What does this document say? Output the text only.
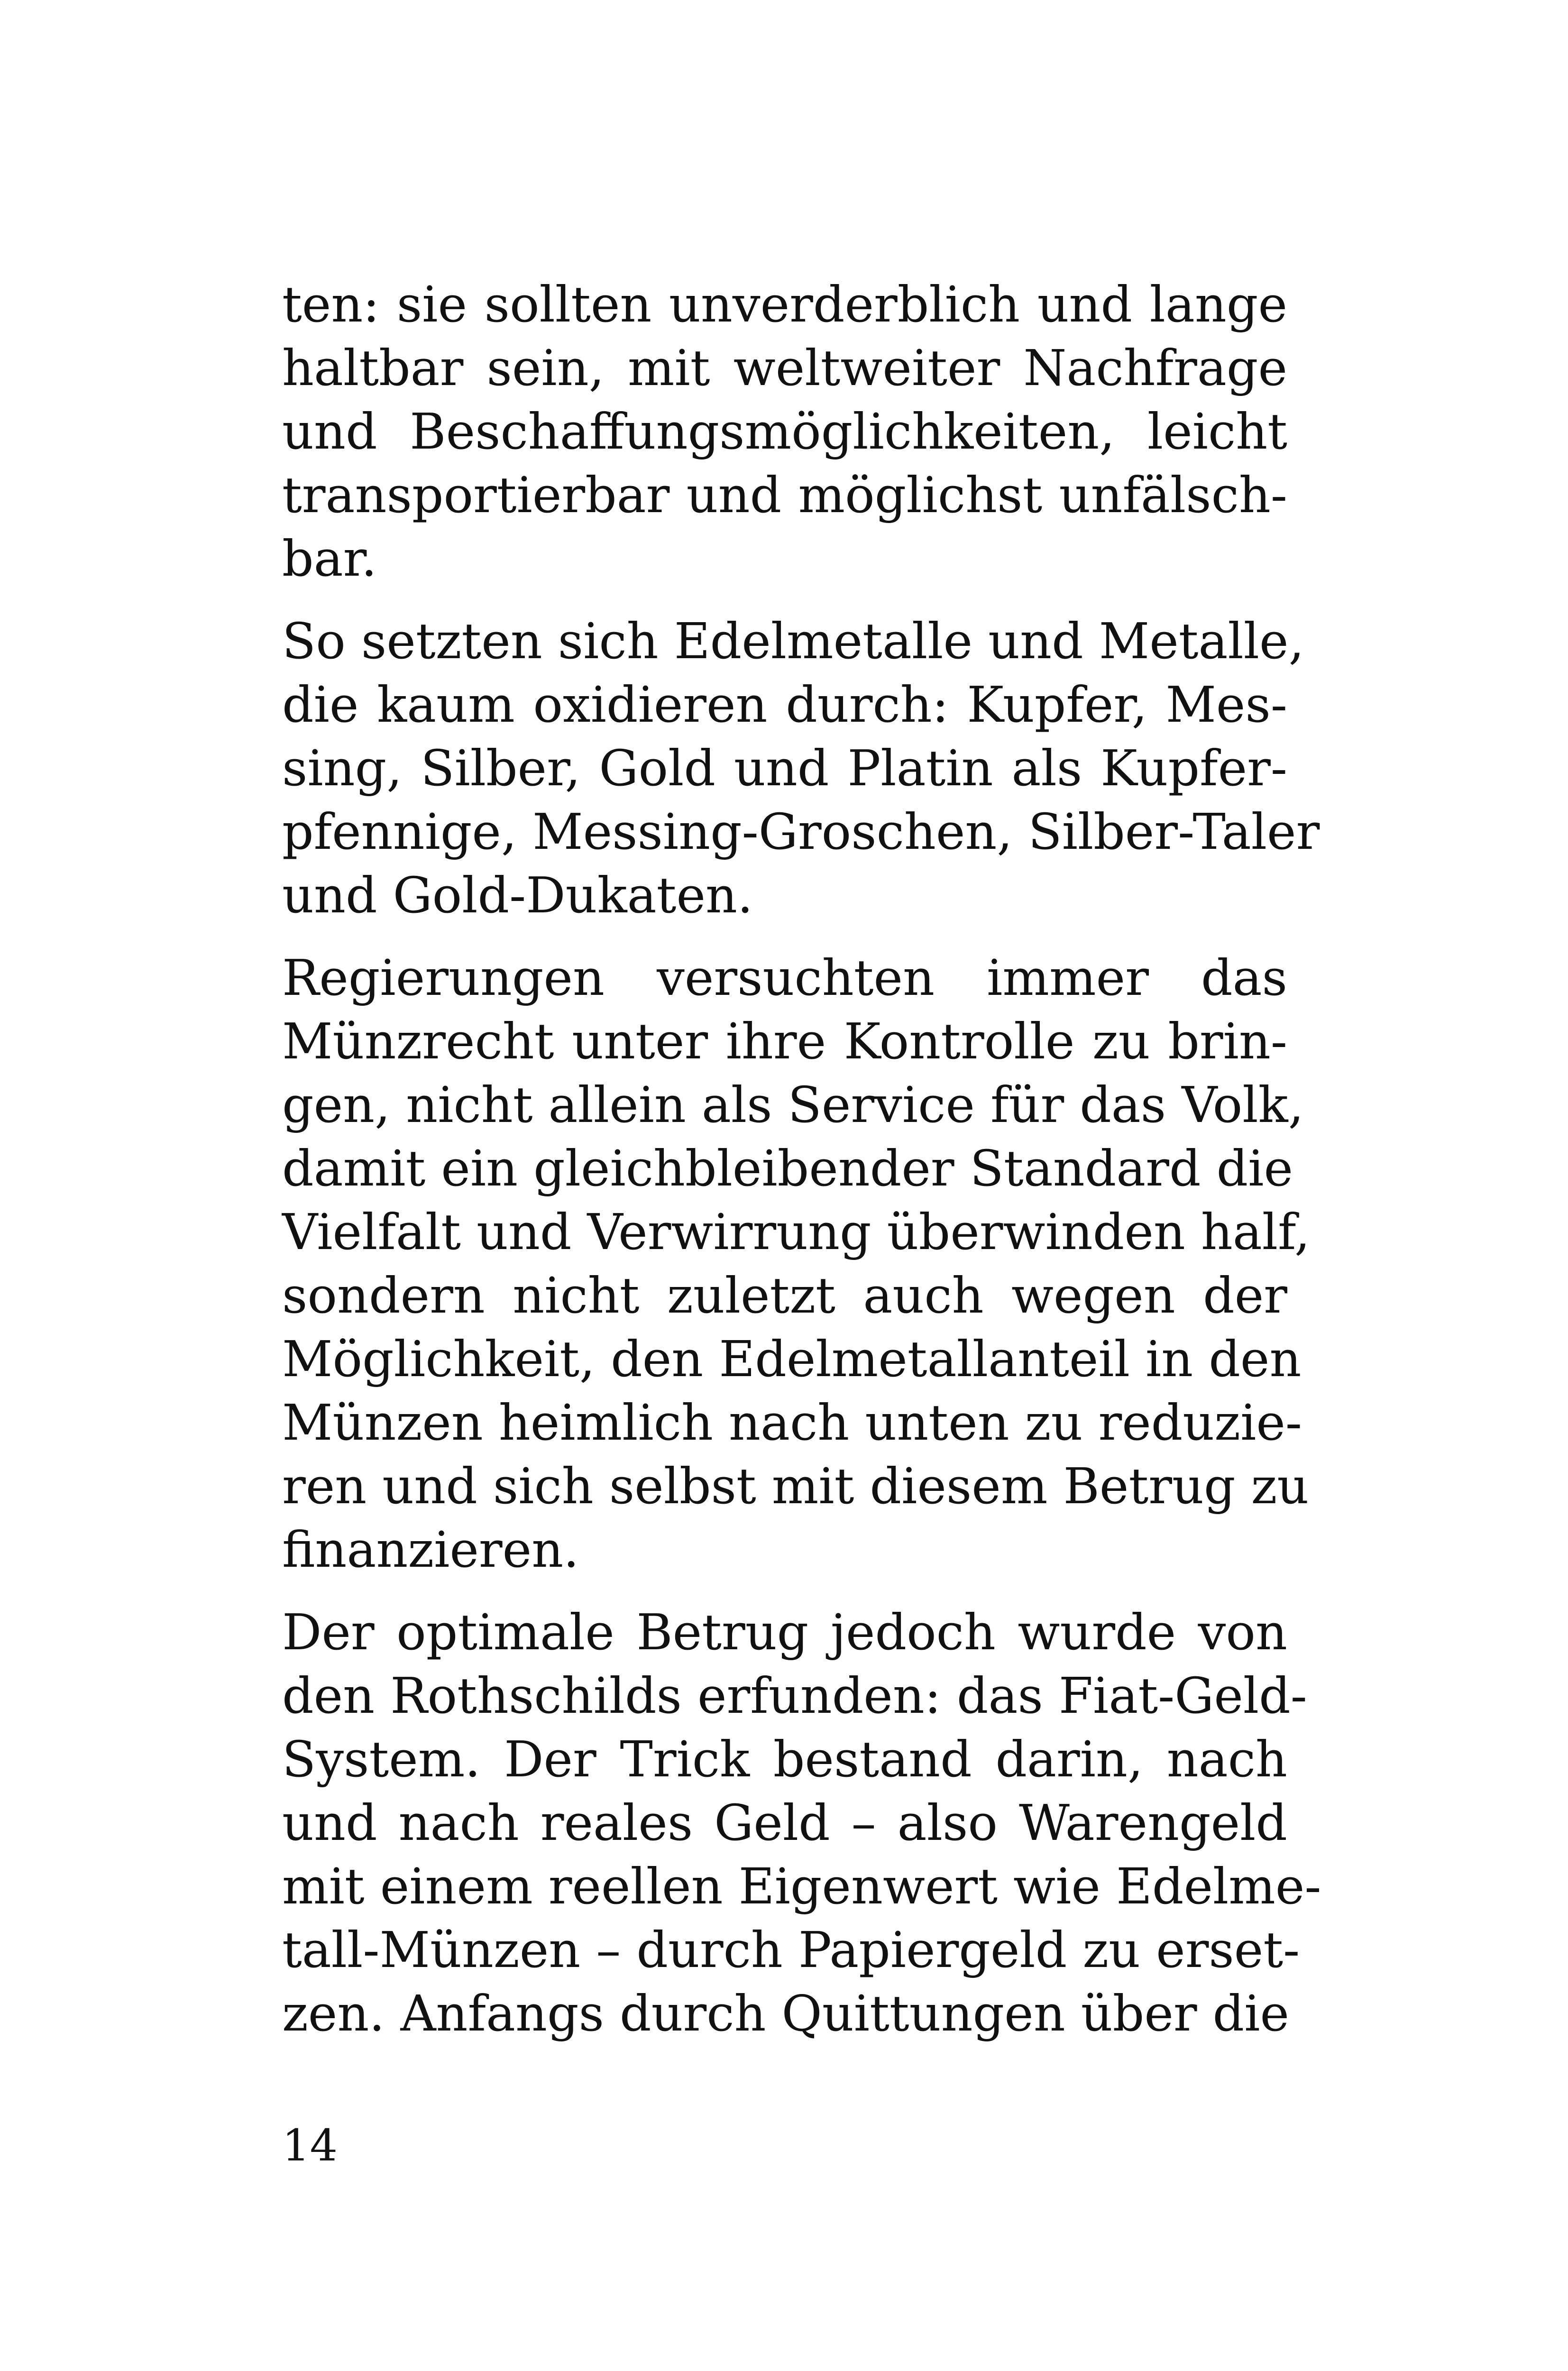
ten: sie sollten unverderblich und lange
haltbar sein, mit weltweiter Nachfrage
und Beschaffungsmöglichkeiten, leicht
transportierbar und möglichst unfälsch-
bar.
So setzten sich Edelmetalle und Metalle,
die kaum oxidieren durch: Kupfer, Mes-
sing, Silber, Gold und Platin als Kupfer-
pfennige, Messing-Groschen, Silber-Taler
und Gold-Dukaten.
Regierungen versuchten immer das
Münzrecht unter ihre Kontrolle zu brin-
gen, nicht allein als Service für das Volk,
damit ein gleichbleibender Standard die
Vielfalt und Verwirrung überwinden half,
sondern nicht zuletzt auch wegen der
Möglichkeit, den Edelmetallanteil in den
Münzen heimlich nach unten zu reduzie-
ren und sich selbst mit diesem Betrug zu
finanzieren.
Der optimale Betrug jedoch wurde von
den Rothschilds erfunden: das Fiat-Geld-
System. Der Trick bestand darin, nach
und nach reales Geld – also Warengeld
mit einem reellen Eigenwert wie Edelme-
tall-Münzen – durch Papiergeld zu erset-
zen. Anfangs durch Quittungen über die
14
